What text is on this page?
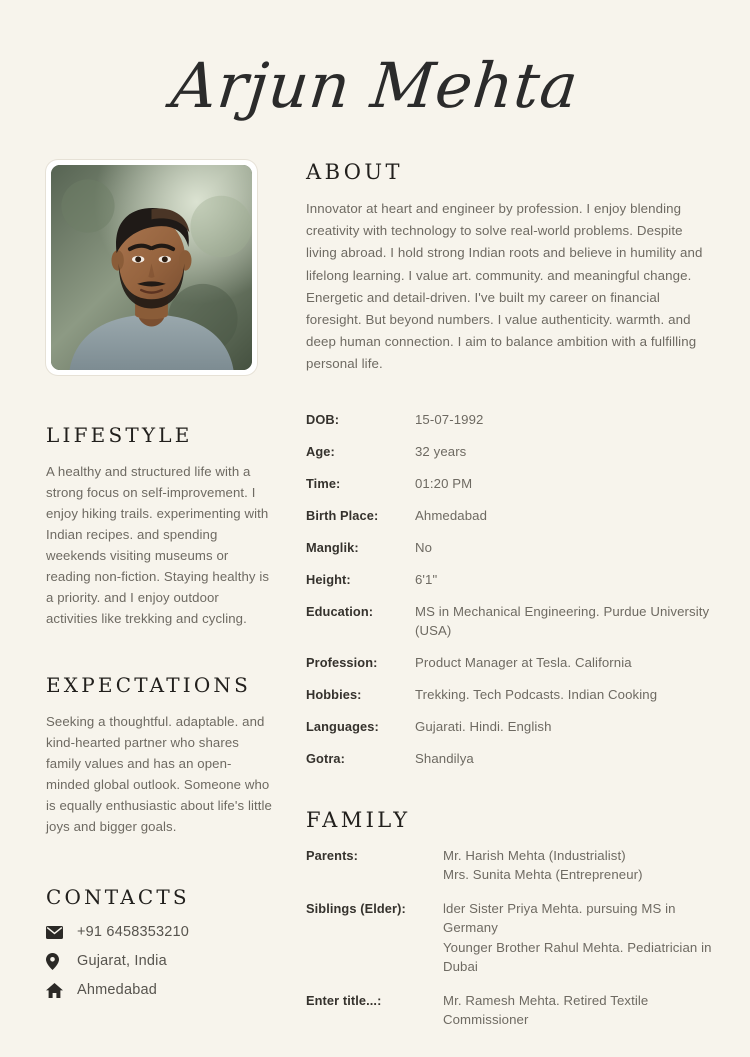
Arjun Mehta
LIFESTYLE

A healthy and structured life with a strong focus on self-improvement. I enjoy hiking trails. experimenting with Indian recipes. and spending weekends visiting museums or reading non-fiction. Staying healthy is a priority. and I enjoy outdoor activities like trekking and cycling.

EXPECTATIONS

Seeking a thoughtful. adaptable. and kind-hearted partner who shares family values and has an open-minded global outlook. Someone who is equally enthusiastic about life's little joys and bigger goals.

CONTACTS
+91 6458353210
Gujarat, India
Ahmedabad
ABOUT

Innovator at heart and engineer by profession. I enjoy blending creativity with technology to solve real-world problems. Despite living abroad. I hold strong Indian roots and believe in humility and lifelong learning. I value art. community. and meaningful change. Energetic and detail-driven. I've built my career on financial foresight. But beyond numbers. I value authenticity. warmth. and deep human connection. I aim to balance ambition with a fulfilling personal life.

DOB:	15-07-1992
Age:	32 years
Time:	01:20 PM
Birth Place:	Ahmedabad
Manglik:	No
Height:	6'1"
Education:	MS in Mechanical Engineering. Purdue University (USA)
Profession:	Product Manager at Tesla. California
Hobbies:	Trekking. Tech Podcasts. Indian Cooking
Languages:	Gujarati. Hindi. English
Gotra:	Shandilya
FAMILY
Parents:	Mr. Harish Mehta (Industrialist)
Mrs. Sunita Mehta (Entrepreneur)
Siblings (Elder):	lder Sister Priya Mehta. pursuing MS in Germany
Younger Brother Rahul Mehta. Pediatrician in Dubai
Enter title...:	Mr. Ramesh Mehta. Retired Textile Commissioner
